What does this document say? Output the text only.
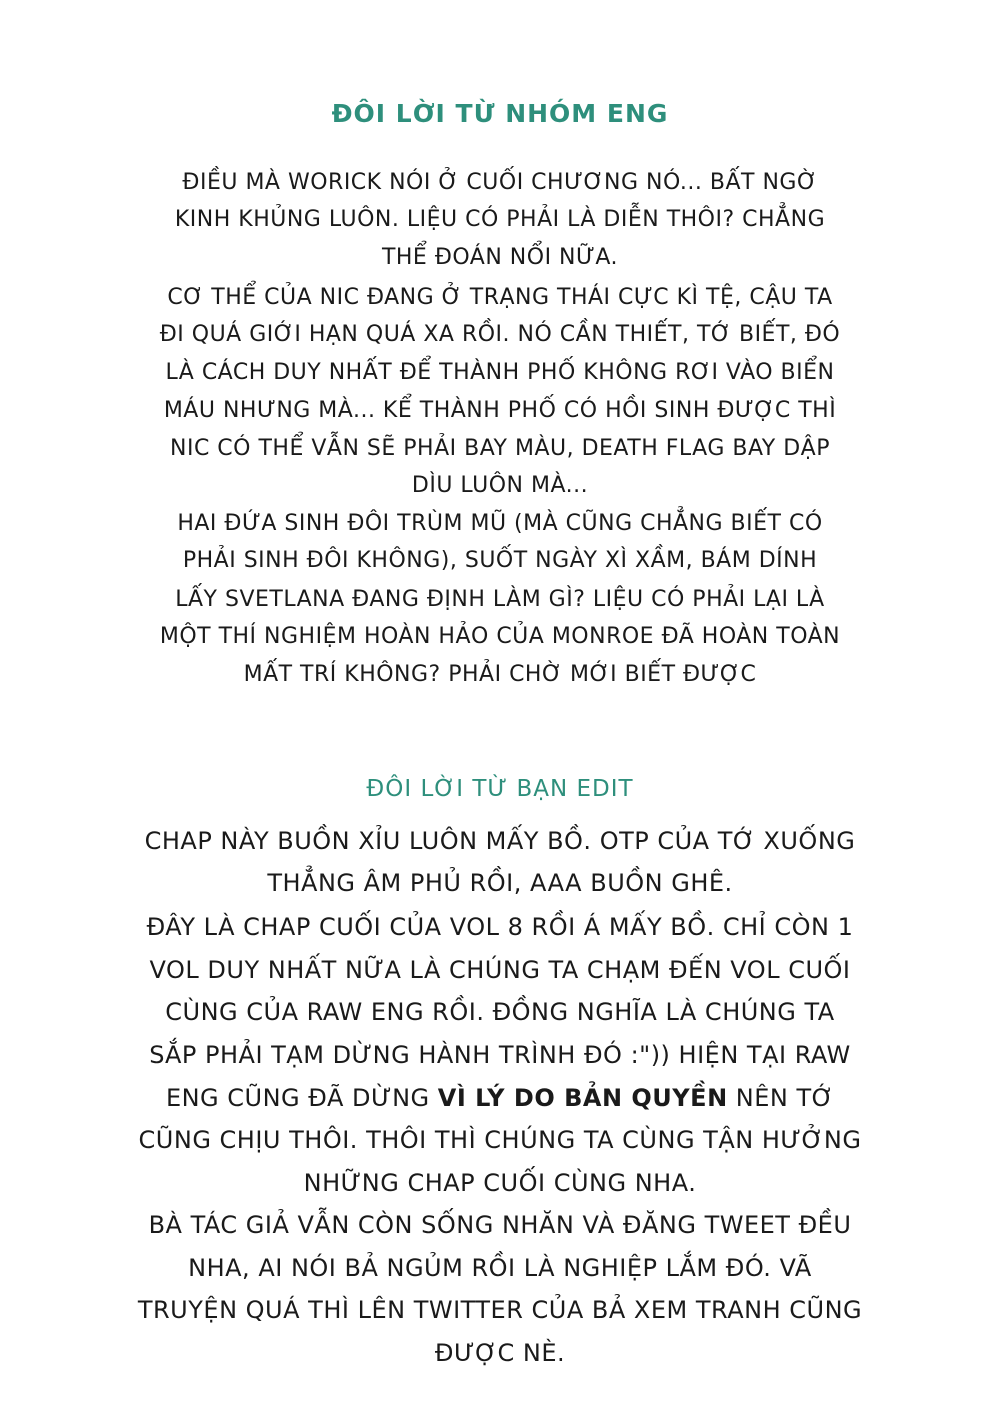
ĐÔI LỜI TỪ NHÓM ENG
ĐIỀU MÀ WORICK NÓI Ở CUỐI CHƯƠNG NÓ... BẤT NGỜ
KINH KHỦNG LUÔN. LIỆU CÓ PHẢI LÀ DIỄN THÔI? CHẲNG
THỂ ĐOÁN NỔI NỮA.
CƠ THỂ CỦA NIC ĐANG Ở TRẠNG THÁI CỰC KÌ TỆ, CẬU TA
ĐI QUÁ GIỚI HẠN QUÁ XA RỒI. NÓ CẦN THIẾT, TỚ BIẾT, ĐÓ
LÀ CÁCH DUY NHẤT ĐỂ THÀNH PHỐ KHÔNG RƠI VÀO BIỂN
MÁU NHƯNG MÀ... KỂ THÀNH PHỐ CÓ HỒI SINH ĐƯỢC THÌ
NIC CÓ THỂ VẪN SẼ PHẢI BAY MÀU, DEATH FLAG BAY DẬP
DÌU LUÔN MÀ...
HAI ĐỨA SINH ĐÔI TRÙM MŨ (MÀ CŨNG CHẲNG BIẾT CÓ
PHẢI SINH ĐÔI KHÔNG), SUỐT NGÀY XÌ XẦM, BÁM DÍNH
LẤY SVETLANA ĐANG ĐỊNH LÀM GÌ? LIỆU CÓ PHẢI LẠI LÀ
MỘT THÍ NGHIỆM HOÀN HẢO CỦA MONROE ĐÃ HOÀN TOÀN
MẤT TRÍ KHÔNG? PHẢI CHỜ MỚI BIẾT ĐƯỢC
ĐÔI LỜI TỪ BẠN EDIT
CHAP NÀY BUỒN XỈU LUÔN MẤY BỒ. OTP CỦA TỚ XUỐNG
THẲNG ÂM PHỦ RỒI, AAA BUỒN GHÊ.
ĐÂY LÀ CHAP CUỐI CỦA VOL 8 RỒI Á MẤY BỒ. CHỈ CÒN 1
VOL DUY NHẤT NỮA LÀ CHÚNG TA CHẠM ĐẾN VOL CUỐI
CÙNG CỦA RAW ENG RỒI. ĐỒNG NGHĨA LÀ CHÚNG TA
SẮP PHẢI TẠM DỪNG HÀNH TRÌNH ĐÓ :")) HIỆN TẠI RAW
ENG CŨNG ĐÃ DỪNG VÌ LÝ DO BẢN QUYỀN NÊN TỚ
CŨNG CHỊU THÔI. THÔI THÌ CHÚNG TA CÙNG TẬN HƯỞNG
NHỮNG CHAP CUỐI CÙNG NHA.
BÀ TÁC GIẢ VẪN CÒN SỐNG NHĂN VÀ ĐĂNG TWEET ĐỀU
NHA, AI NÓI BẢ NGỦM RỒI LÀ NGHIỆP LẮM ĐÓ. VÃ
TRUYỆN QUÁ THÌ LÊN TWITTER CỦA BẢ XEM TRANH CŨNG
ĐƯỢC NÈ.
